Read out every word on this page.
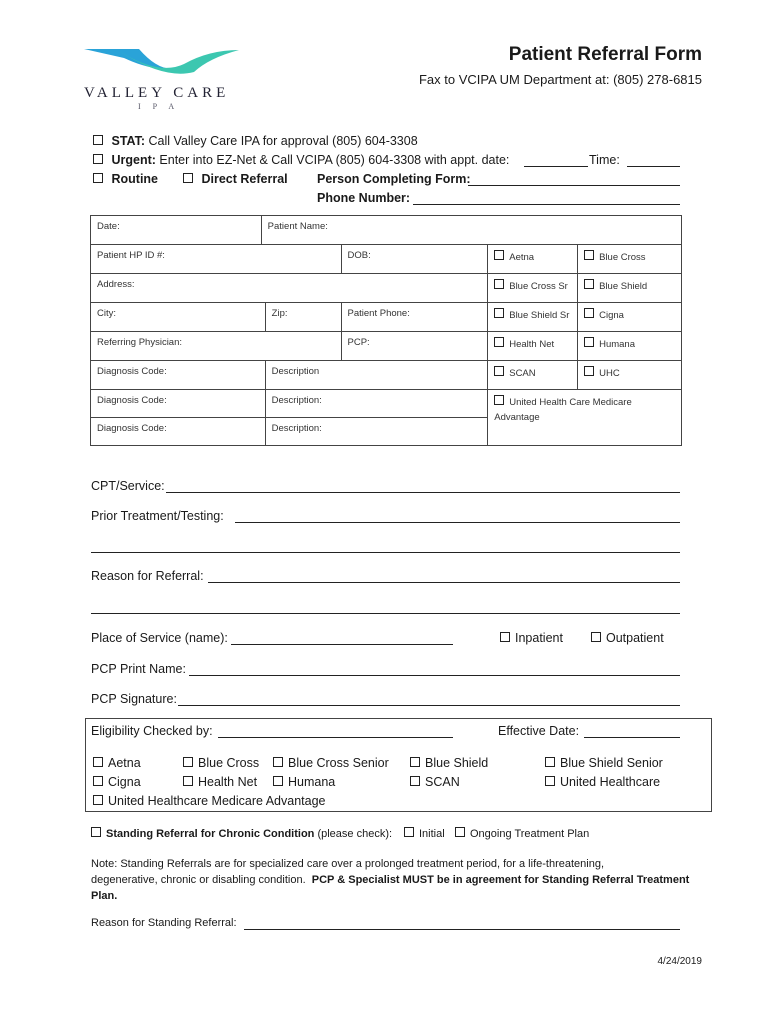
VALLEY CARE
I P A
Patient Referral Form
Fax to VCIPA UM Department at: (805) 278-6815
STAT: Call Valley Care IPA for approval (805) 604-3308
Urgent: Enter into EZ-Net & Call VCIPA (805) 604-3308 with appt. date:	Time:
Routine	Direct Referral Person Completing Form:
Phone Number:
Date:	Patient Name:				
Patient HP ID #:			DOB:	Aetna	Blue Cross
Address:				Blue Cross Sr	Blue Shield
City:		Zip:	Patient Phone:	Blue Shield Sr	Cigna
Referring Physician:			PCP:	Health Net	Humana
Diagnosis Code:		Description		SCAN	UHC
Diagnosis Code:		Description:		United Health Care Medicare Advantage	
Diagnosis Code:		Description:			
CPT/Service:
Prior Treatment/Testing:
Reason for Referral:
Place of Service (name):	Inpatient	Outpatient
PCP Print Name:
PCP Signature:
Eligibility Checked by:	Effective Date:
Aetna	Blue Cross	Blue Cross Senior	Blue Shield	Blue Shield Senior
Cigna	Health Net	Humana	SCAN	United Healthcare
United Healthcare Medicare Advantage
Standing Referral for Chronic Condition (please check):	Initial	Ongoing Treatment Plan
Note: Standing Referrals are for specialized care over a prolonged treatment period, for a life-threatening,
degenerative, chronic or disabling condition. PCP & Specialist MUST be in agreement for Standing Referral Treatment
Plan.
Reason for Standing Referral:
4/24/2019
